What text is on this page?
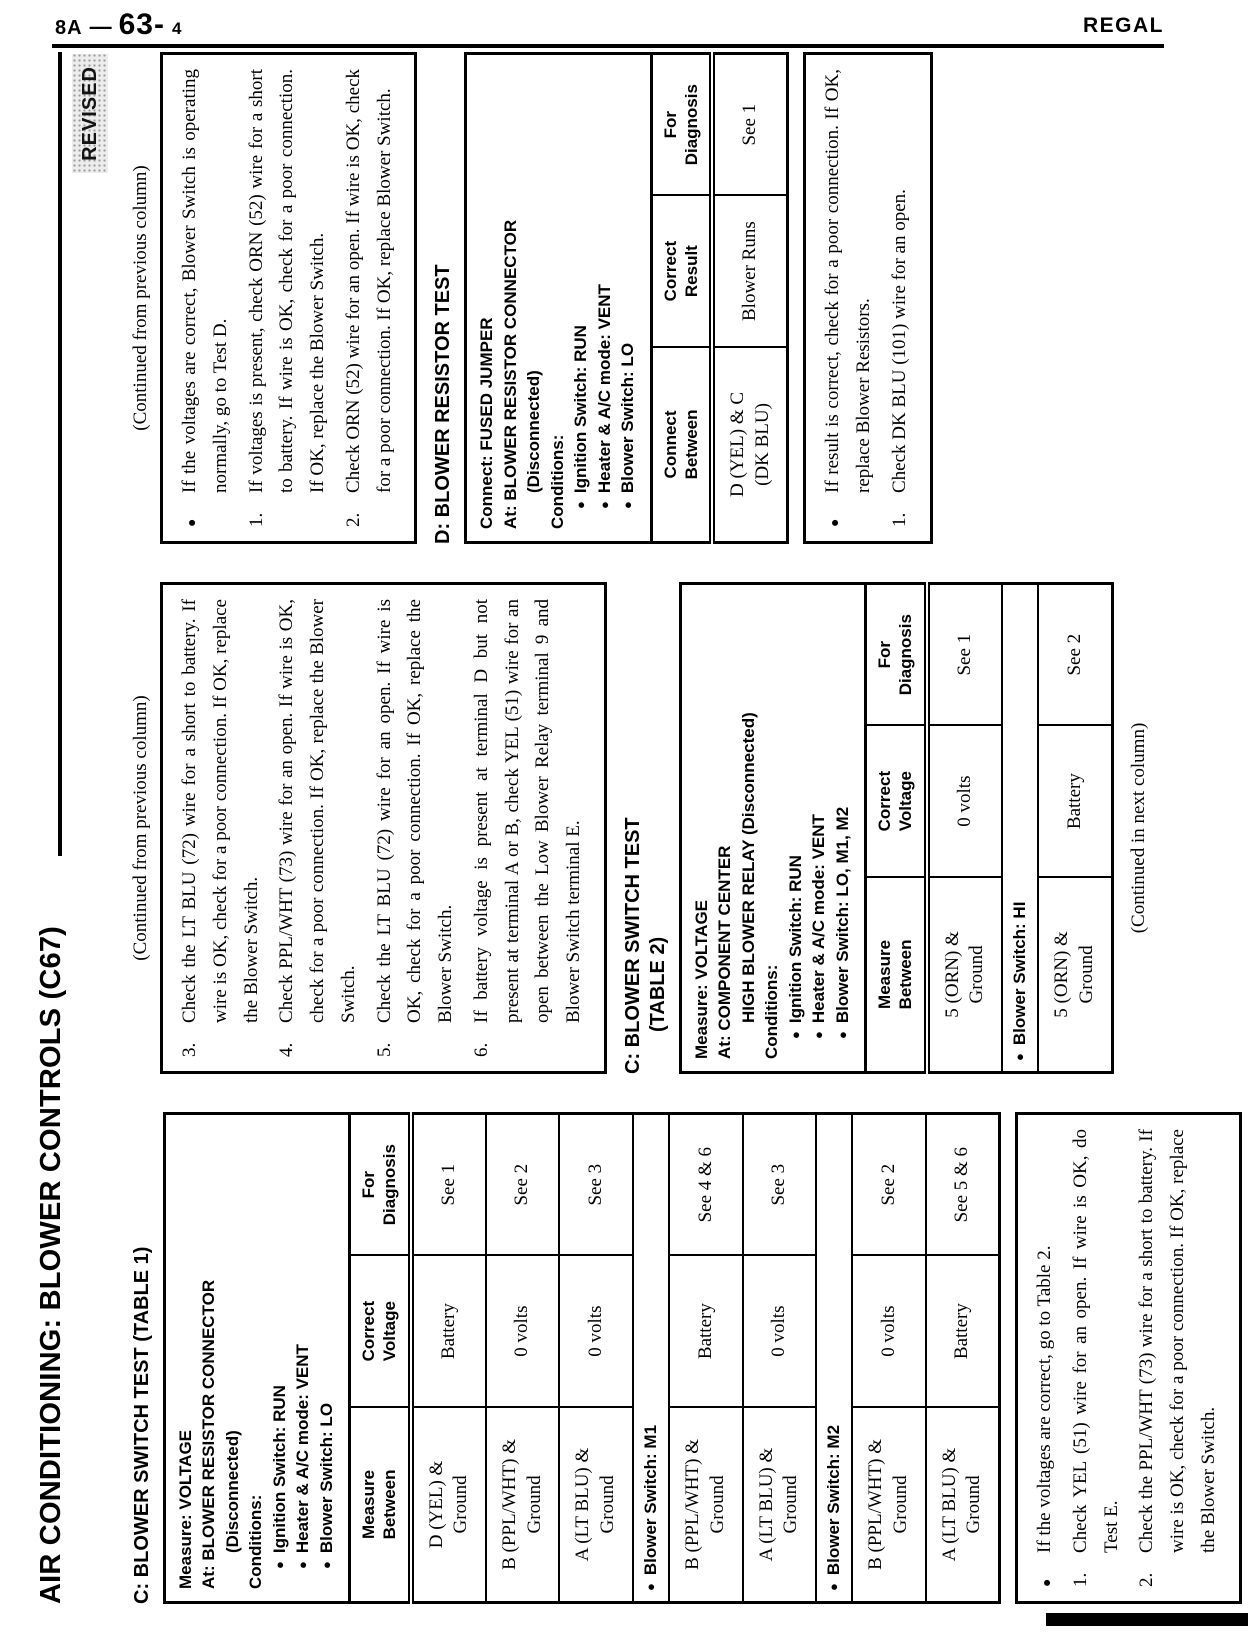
8A — 63- 4	REGAL
AIR CONDITIONING: BLOWER CONTROLS (C67)
REVISED
C: BLOWER SWITCH TEST (TABLE 1) Measure: VOLTAGE At: BLOWER RESISTOR CONNECTOR (Disconnected) Conditions: ●Ignition Switch: RUN
●Heater & A/C mode: VENT
●Blower Switch: LO Measure Between	Correct Voltage	For Diagnosis

D (YEL) & Ground	Battery	See 1

B (PPL/WHT) & Ground	0 volts	See 2

A (LT BLU) & Ground	0 volts	See 3
●Blower Switch: M1		

B (PPL/WHT) & Ground	Battery	See 4 & 6

A (LT BLU) & Ground	0 volts	See 3
●Blower Switch: M2		

B (PPL/WHT) & Ground	0 volts	See 2

A (LT BLU) & Ground	Battery	See 5 & 6
●
If the voltages are correct, go to Table 2.
1.
Check YEL (51) wire for an open. If wire is OK, do Test E.
2.
Check the PPL/WHT (73) wire for a short to battery. If wire is OK, check for a poor connection. If OK, replace the Blower Switch.
(Continued from previous column)
3.
Check the LT BLU (72) wire for a short to battery. If wire is OK, check for a poor connection. If OK, replace the Blower Switch.
4.
Check PPL/WHT (73) wire for an open. If wire is OK, check for a poor connection. If OK, replace the Blower Switch.
5.
Check the LT BLU (72) wire for an open. If wire is OK, check for a poor connection. If OK, replace the Blower Switch.
6.
If battery voltage is present at terminal D but not present at terminal A or B, check YEL (51) wire for an open between the Low Blower Relay terminal 9 and Blower Switch terminal E. C: BLOWER SWITCH TEST (TABLE 2) Measure: VOLTAGE At: COMPONENT CENTER HIGH BLOWER RELAY (Disconnected) Conditions: ●Ignition Switch: RUN
●Heater & A/C mode: VENT
●Blower Switch: LO, M1, M2 Measure Between	Correct Voltage	For Diagnosis

5 (ORN) & Ground	0 volts	See 1
●Blower Switch: HI		

5 (ORN) & Ground	Battery	See 2
(Continued in next column)
(Continued from previous column)
●
If the voltages are correct, Blower Switch is operating normally, go to Test D.
1.
If voltages is present, check ORN (52) wire for a short to battery. If wire is OK, check for a poor connection. If OK, replace the Blower Switch.
2.
Check ORN (52) wire for an open. If wire is OK, check for a poor connection. If OK, replace Blower Switch. D: BLOWER RESISTOR TEST Connect: FUSED JUMPER At: BLOWER RESISTOR CONNECTOR (Disconnected) Conditions: ●Ignition Switch: RUN
●Heater & A/C mode: VENT
●Blower Switch: LO Connect Between	Correct Result	For Diagnosis

D (YEL) & C (DK BLU)	Blower Runs	See 1
●
If result is correct, check for a poor connection. If OK, replace Blower Resistors.
1.
Check DK BLU (101) wire for an open.
